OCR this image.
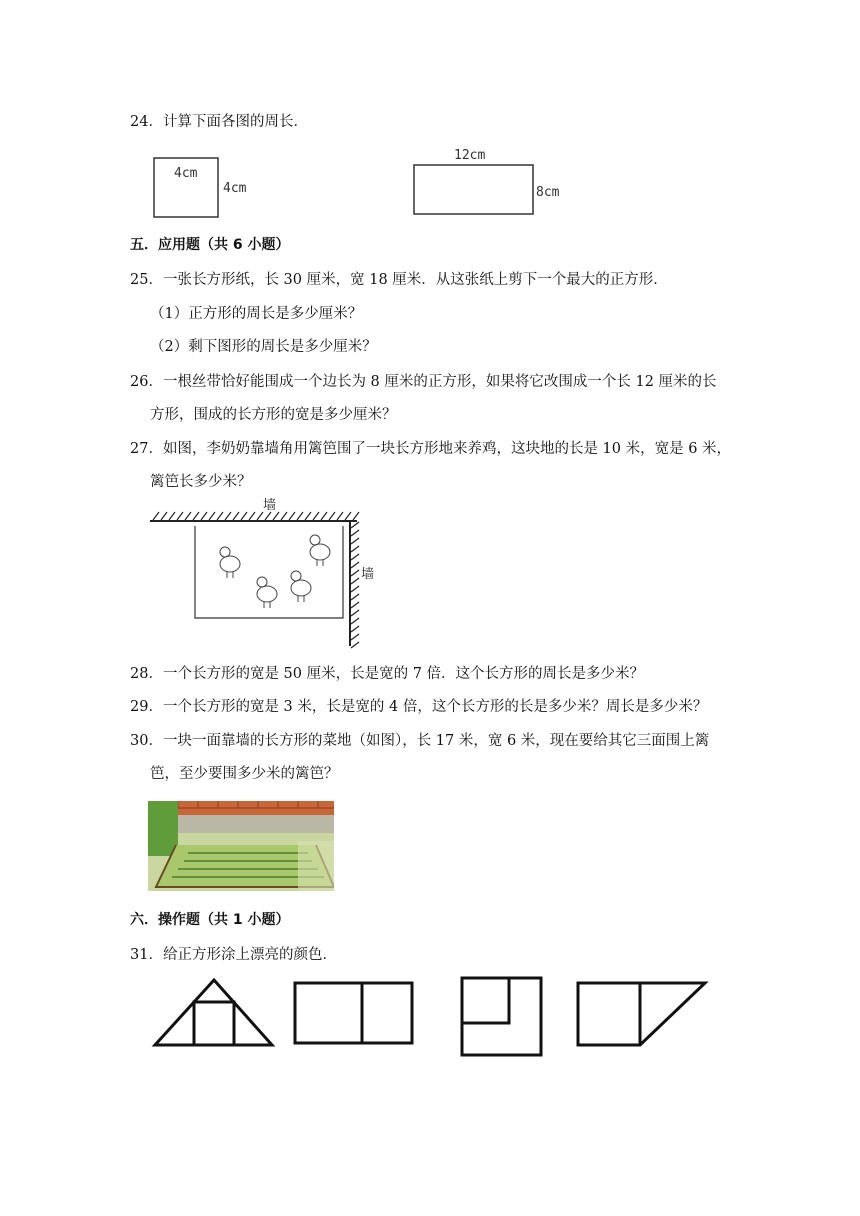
24．计算下面各图的周长．
4cm
4cm
12cm
8cm
五．应用题（共 6 小题）
25．一张长方形纸，长 30 厘米，宽 18 厘米．从这张纸上剪下一个最大的正方形．
（1）正方形的周长是多少厘米？
（2）剩下图形的周长是多少厘米？
26．一根丝带恰好能围成一个边长为 8 厘米的正方形，如果将它改围成一个长 12 厘米的长
方形，围成的长方形的宽是多少厘米？
27．如图，李奶奶靠墙角用篱笆围了一块长方形地来养鸡，这块地的长是 10 米，宽是 6 米，
篱笆长多少米？
墙
墙
28．一个长方形的宽是 50 厘米，长是宽的 7 倍．这个长方形的周长是多少米？
29．一个长方形的宽是 3 米，长是宽的 4 倍，这个长方形的长是多少米？周长是多少米？
30．一块一面靠墙的长方形的菜地（如图），长 17 米，宽 6 米，现在要给其它三面围上篱
笆，至少要围多少米的篱笆？
六．操作题（共 1 小题）
31．给正方形涂上漂亮的颜色．
